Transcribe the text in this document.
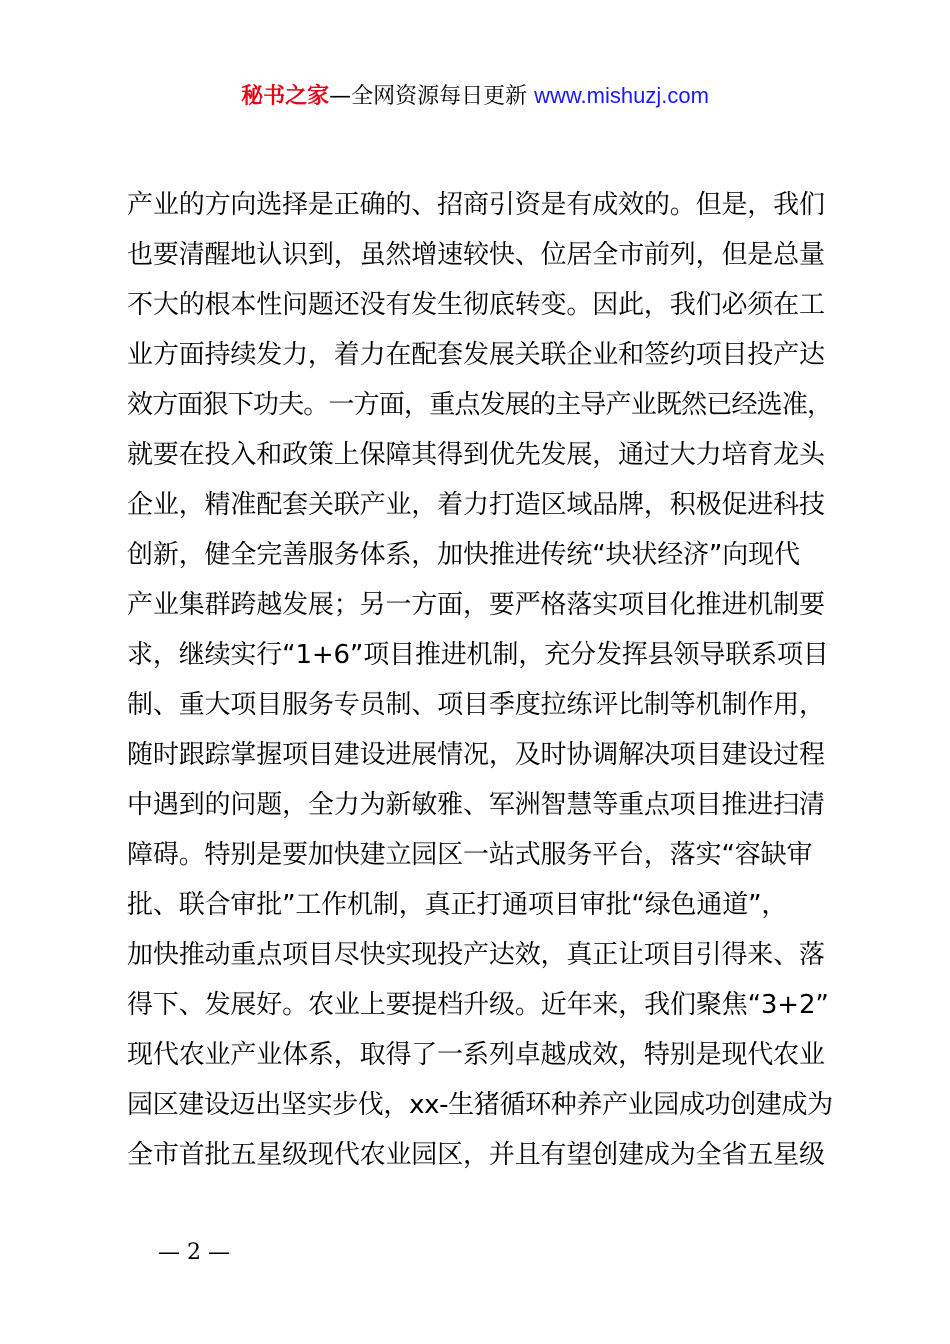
秘书之家—全网资源每日更新 www.mishuzj.com
产业的方向选择是正确的、招商引资是有成效的。但是，我们
也要清醒地认识到，虽然增速较快、位居全市前列，但是总量
不大的根本性问题还没有发生彻底转变。因此，我们必须在工
业方面持续发力，着力在配套发展关联企业和签约项目投产达
效方面狠下功夫。一方面，重点发展的主导产业既然已经选准，
就要在投入和政策上保障其得到优先发展，通过大力培育龙头
企业，精准配套关联产业，着力打造区域品牌，积极促进科技
创新，健全完善服务体系，加快推进传统“块状经济”向现代
产业集群跨越发展；另一方面，要严格落实项目化推进机制要
求，继续实行“1+6”项目推进机制，充分发挥县领导联系项目
制、重大项目服务专员制、项目季度拉练评比制等机制作用，
随时跟踪掌握项目建设进展情况，及时协调解决项目建设过程
中遇到的问题，全力为新敏雅、军洲智慧等重点项目推进扫清
障碍。特别是要加快建立园区一站式服务平台，落实“容缺审
批、联合审批”工作机制，真正打通项目审批“绿色通道”，
加快推动重点项目尽快实现投产达效，真正让项目引得来、落
得下、发展好。农业上要提档升级。近年来，我们聚焦“3+2”
现代农业产业体系，取得了一系列卓越成效，特别是现代农业
园区建设迈出坚实步伐，xx-生猪循环种养产业园成功创建成为
全市首批五星级现代农业园区，并且有望创建成为全省五星级
— 2 —
